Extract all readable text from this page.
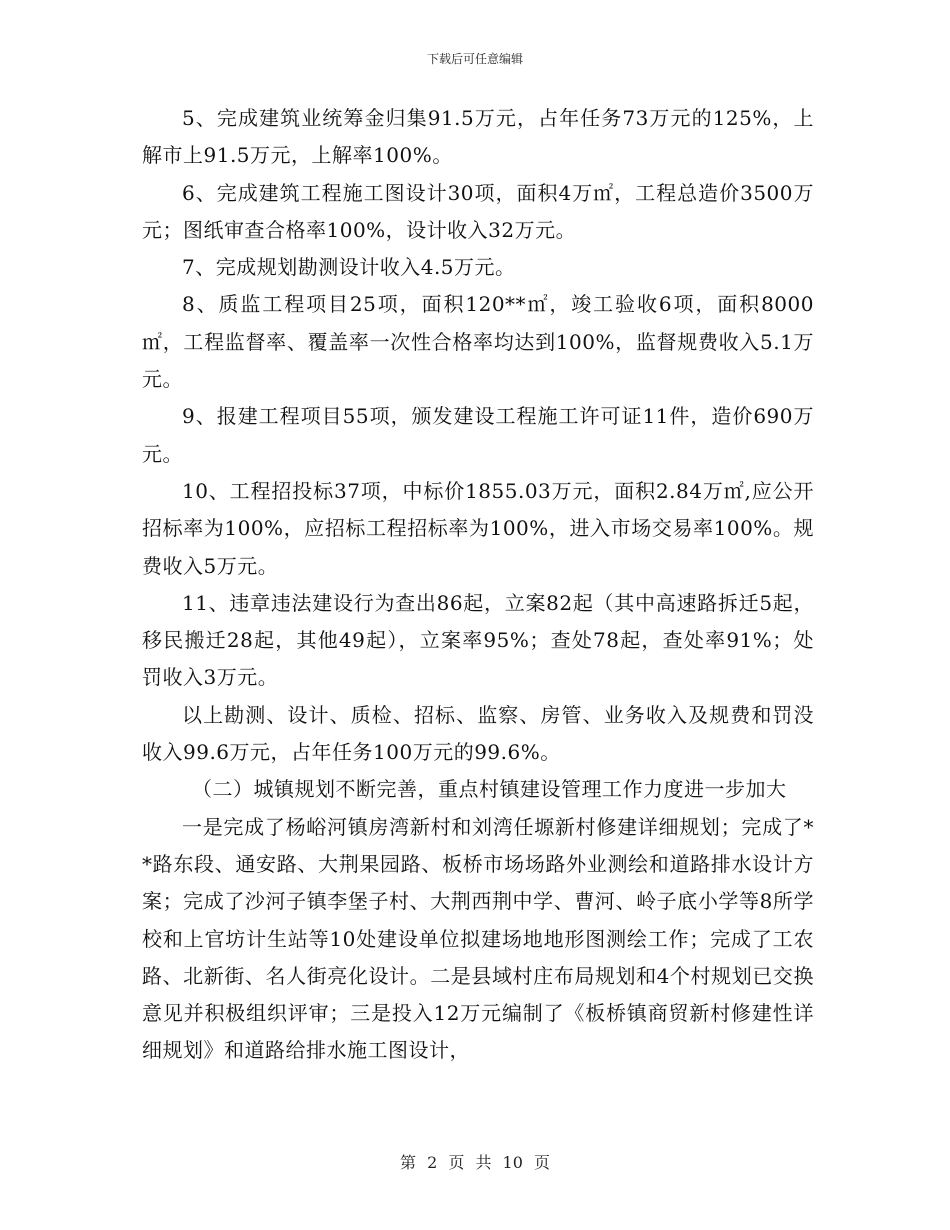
下载后可任意编辑

5、完成建筑业统筹金归集91.5万元，占年任务73万元的125%，上解市上91.5万元，上解率100%。

6、完成建筑工程施工图设计30项，面积4万㎡，工程总造价3500万元；图纸审查合格率100%，设计收入32万元。

7、完成规划勘测设计收入4.5万元。

8、质监工程项目25项，面积120**㎡，竣工验收6项，面积8000㎡，工程监督率、覆盖率一次性合格率均达到100%，监督规费收入5.1万元。

9、报建工程项目55项，颁发建设工程施工许可证11件，造价690万元。

10、工程招投标37项，中标价1855.03万元，面积2.84万㎡,应公开招标率为100%，应招标工程招标率为100%，进入市场交易率100%。规费收入5万元。

11、违章违法建设行为查出86起，立案82起（其中高速路拆迁5起，移民搬迁28起，其他49起），立案率95%；查处78起，查处率91%；处罚收入3万元。

以上勘测、设计、质检、招标、监察、房管、业务收入及规费和罚没收入99.6万元，占年任务100万元的99.6%。

（二）城镇规划不断完善，重点村镇建设管理工作力度进一步加大

一是完成了杨峪河镇房湾新村和刘湾任塬新村修建详细规划；完成了**路东段、通安路、大荆果园路、板桥市场场路外业测绘和道路排水设计方案；完成了沙河子镇李堡子村、大荆西荆中学、曹河、岭子底小学等8所学校和上官坊计生站等10处建设单位拟建场地地形图测绘工作；完成了工农路、北新街、名人街亮化设计。二是县域村庄布局规划和4个村规划已交换意见并积极组织评审；三是投入12万元编制了《板桥镇商贸新村修建性详细规划》和道路给排水施工图设计，

第 2 页 共 10 页
